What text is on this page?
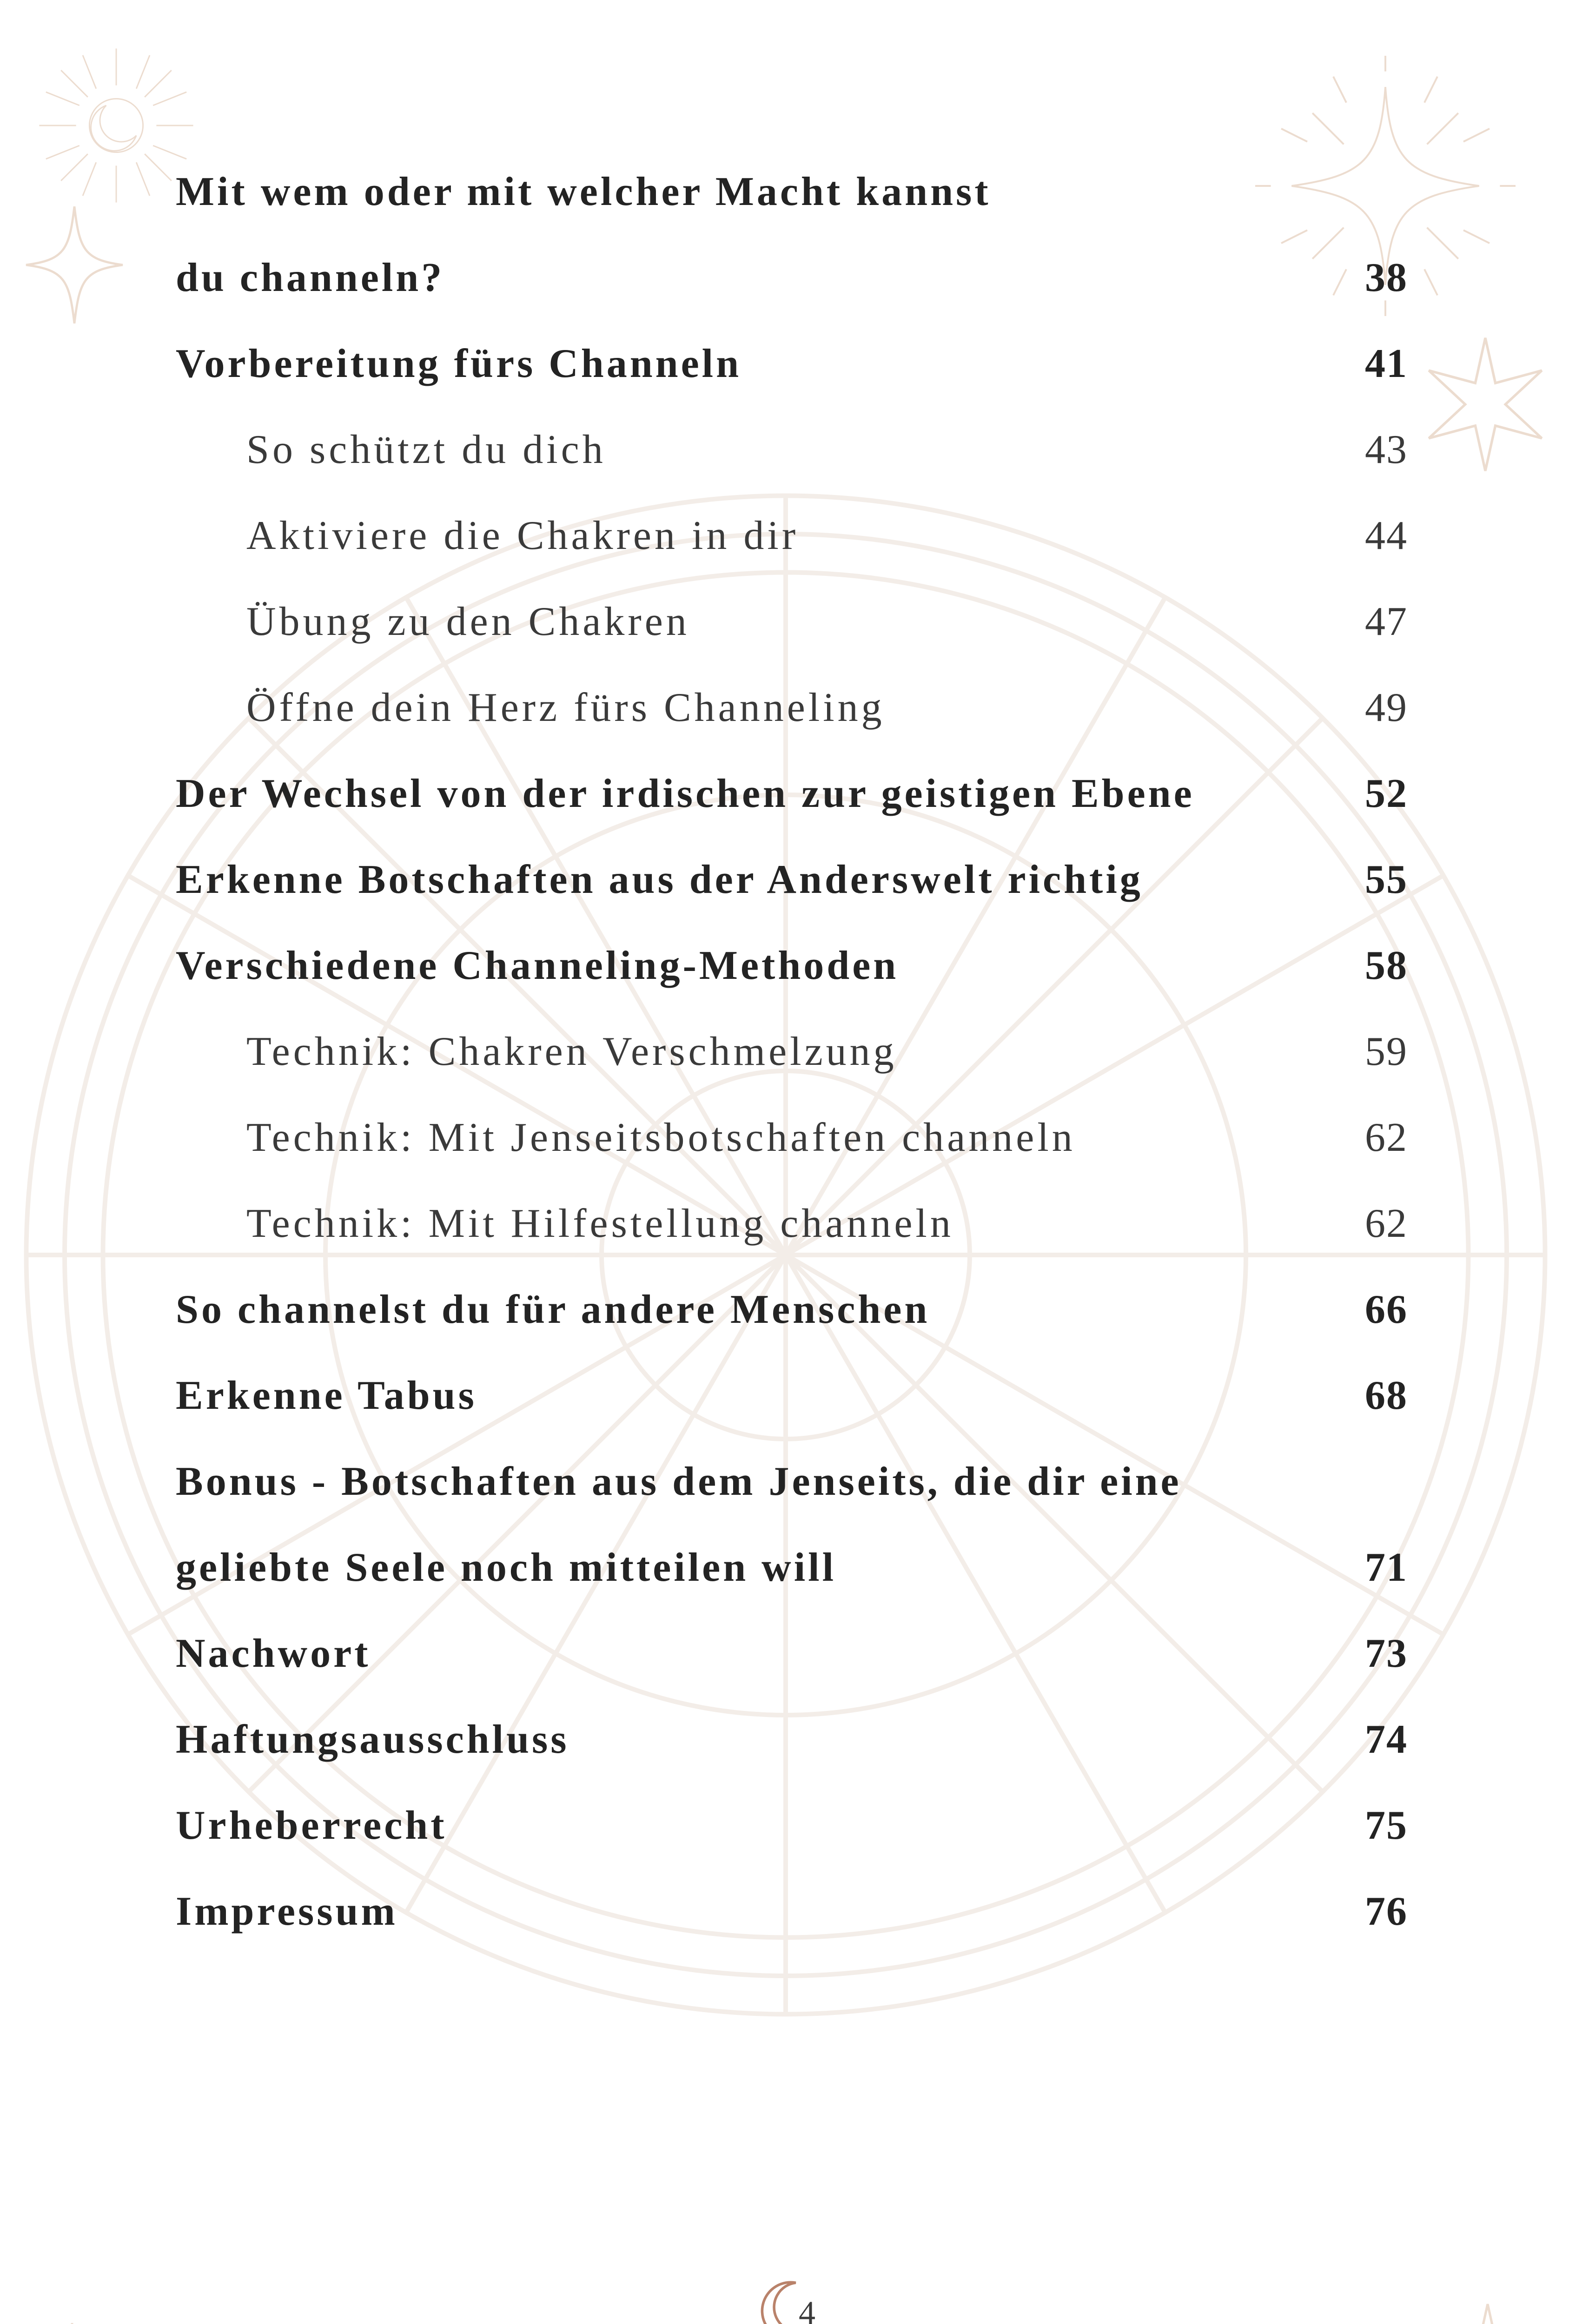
Mit wem oder mit welcher Macht kannst
du channeln?	38
Vorbereitung fürs Channeln	41
So schützt du dich	43
Aktiviere die Chakren in dir	44
Übung zu den Chakren	47
Öffne dein Herz fürs Channeling	49
Der Wechsel von der irdischen zur geistigen Ebene	52
Erkenne Botschaften aus der Anderswelt richtig	55
Verschiedene Channeling-Methoden	58
Technik: Chakren Verschmelzung	59
Technik: Mit Jenseitsbotschaften channeln	62
Technik: Mit Hilfestellung channeln	62
So channelst du für andere Menschen	66
Erkenne Tabus	68
Bonus - Botschaften aus dem Jenseits, die dir eine
geliebte Seele noch mitteilen will	71
Nachwort	73
Haftungsausschluss	74
Urheberrecht	75
Impressum	76
4
